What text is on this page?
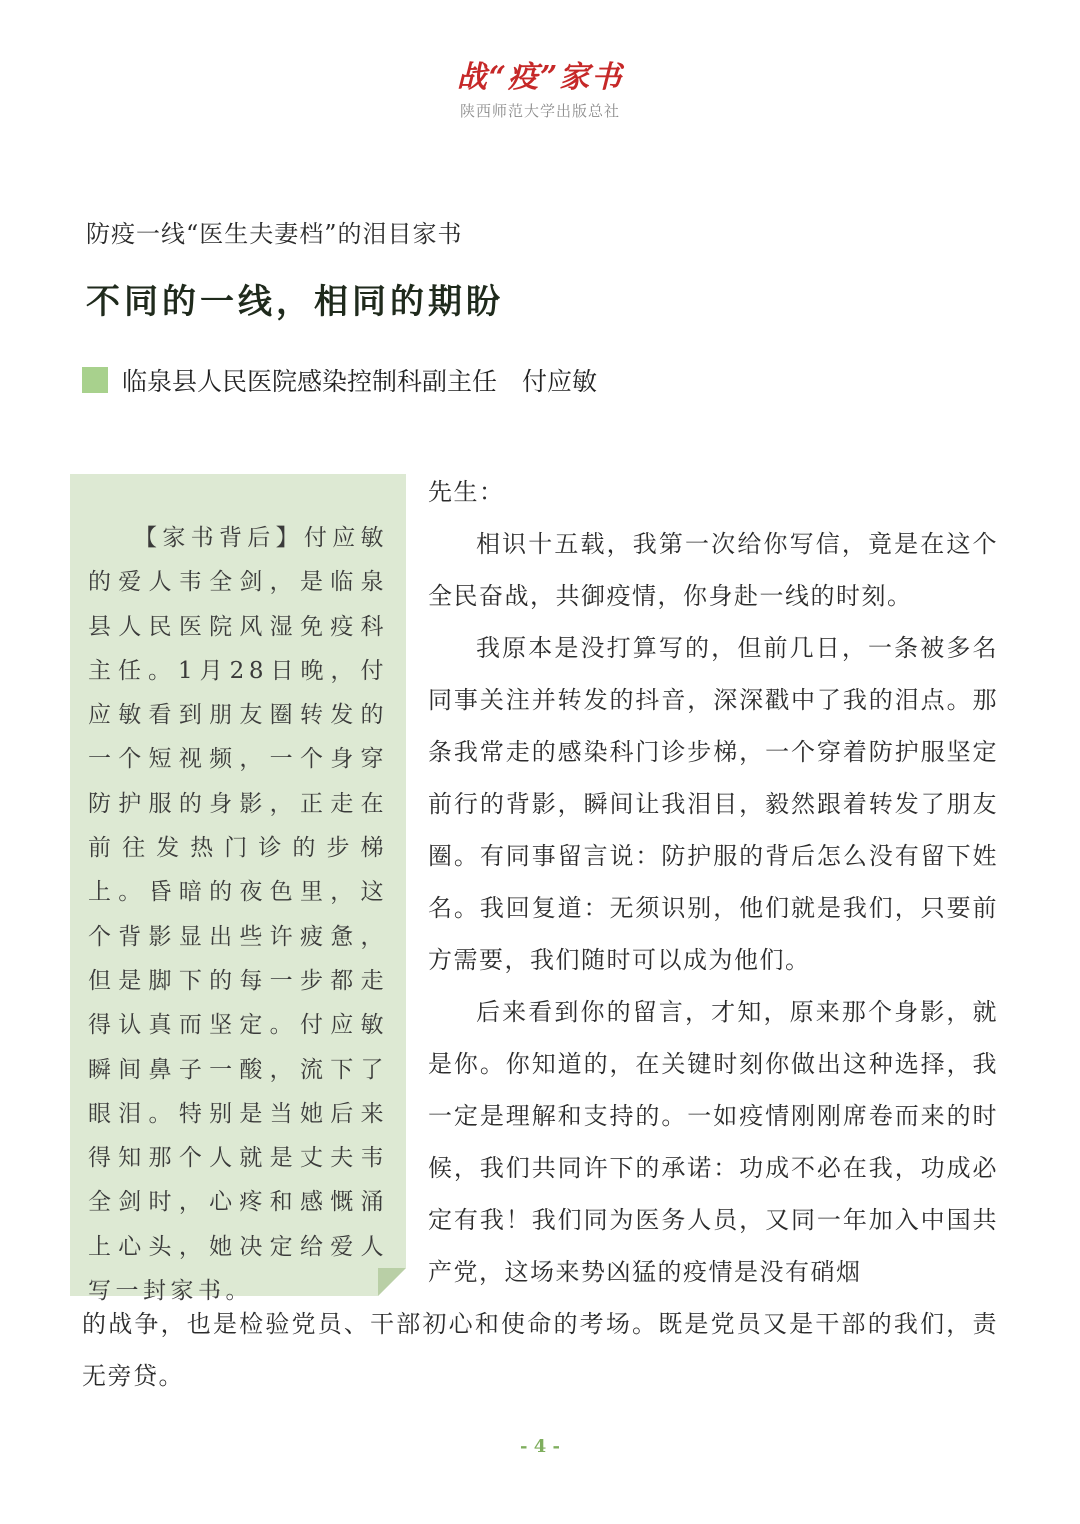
战“疫”家书
陕西师范大学出版总社
防疫一线“医生夫妻档”的泪目家书
不同的一线，相同的期盼
临泉县人民医院感染控制科副主任　付应敏
【家书背后】付应敏的爱人韦全剑，是临泉县人民医院风湿免疫科主任。1月28日晚，付应敏看到朋友圈转发的一个短视频，一个身穿防护服的身影，正走在前往发热门诊的步梯上。昏暗的夜色里，这个背影显出些许疲惫，但是脚下的每一步都走得认真而坚定。付应敏瞬间鼻子一酸，流下了眼泪。特别是当她后来得知那个人就是丈夫韦全剑时，心疼和感慨涌上心头，她决定给爱人写一封家书。

先生：

相识十五载，我第一次给你写信，竟是在这个全民奋战，共御疫情，你身赴一线的时刻。

我原本是没打算写的，但前几日，一条被多名同事关注并转发的抖音，深深戳中了我的泪点。那条我常走的感染科门诊步梯，一个穿着防护服坚定前行的背影，瞬间让我泪目，毅然跟着转发了朋友圈。有同事留言说：防护服的背后怎么没有留下姓名。我回复道：无须识别，他们就是我们，只要前方需要，我们随时可以成为他们。

后来看到你的留言，才知，原来那个身影，就是你。你知道的，在关键时刻你做出这种选择，我一定是理解和支持的。一如疫情刚刚席卷而来的时候，我们共同许下的承诺：功成不必在我，功成必定有我！我们同为医务人员，又同一年加入中国共产党，这场来势凶猛的疫情是没有硝烟

的战争，也是检验党员、干部初心和使命的考场。既是党员又是干部的我们，责无旁贷。
- 4 -
